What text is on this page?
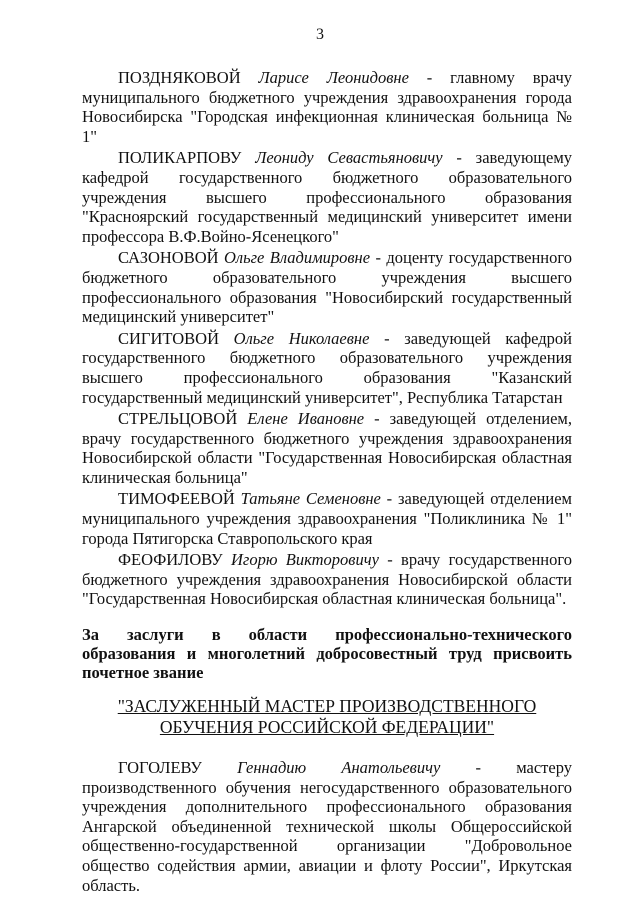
3

ПОЗДНЯКОВОЙ Ларисе Леонидовне - главному врачу муниципального бюджетного учреждения здравоохранения города Новосибирска "Городская инфекционная клиническая больница № 1"

ПОЛИКАРПОВУ Леониду Севастьяновичу - заведующему кафедрой государственного бюджетного образовательного учреждения высшего профессионального образования "Красноярский государственный медицинский университет имени профессора В.Ф.Войно-Ясенецкого"

САЗОНОВОЙ Ольге Владимировне - доценту государственного бюджетного образовательного учреждения высшего профессионального образования "Новосибирский государственный медицинский университет"

СИГИТОВОЙ Ольге Николаевне - заведующей кафедрой государственного бюджетного образовательного учреждения высшего профессионального образования "Казанский государственный медицинский университет", Республика Татарстан

СТРЕЛЬЦОВОЙ Елене Ивановне - заведующей отделением, врачу государственного бюджетного учреждения здравоохранения Новосибирской области "Государственная Новосибирская областная клиническая больница"

ТИМОФЕЕВОЙ Татьяне Семеновне - заведующей отделением муниципального учреждения здравоохранения "Поликлиника № 1" города Пятигорска Ставропольского края

ФЕОФИЛОВУ Игорю Викторовичу - врачу государственного бюджетного учреждения здравоохранения Новосибирской области "Государственная Новосибирская областная клиническая больница".

За заслуги в области профессионально-технического образования и многолетний добросовестный труд присвоить почетное звание
"ЗАСЛУЖЕННЫЙ МАСТЕР ПРОИЗВОДСТВЕННОГО ОБУЧЕНИЯ РОССИЙСКОЙ ФЕДЕРАЦИИ"

ГОГОЛЕВУ Геннадию Анатольевичу - мастеру производственного обучения негосударственного образовательного учреждения дополнительного профессионального образования Ангарской объединенной технической школы Общероссийской общественно-государственной организации "Добровольное общество содействия армии, авиации и флоту России", Иркутская область.
